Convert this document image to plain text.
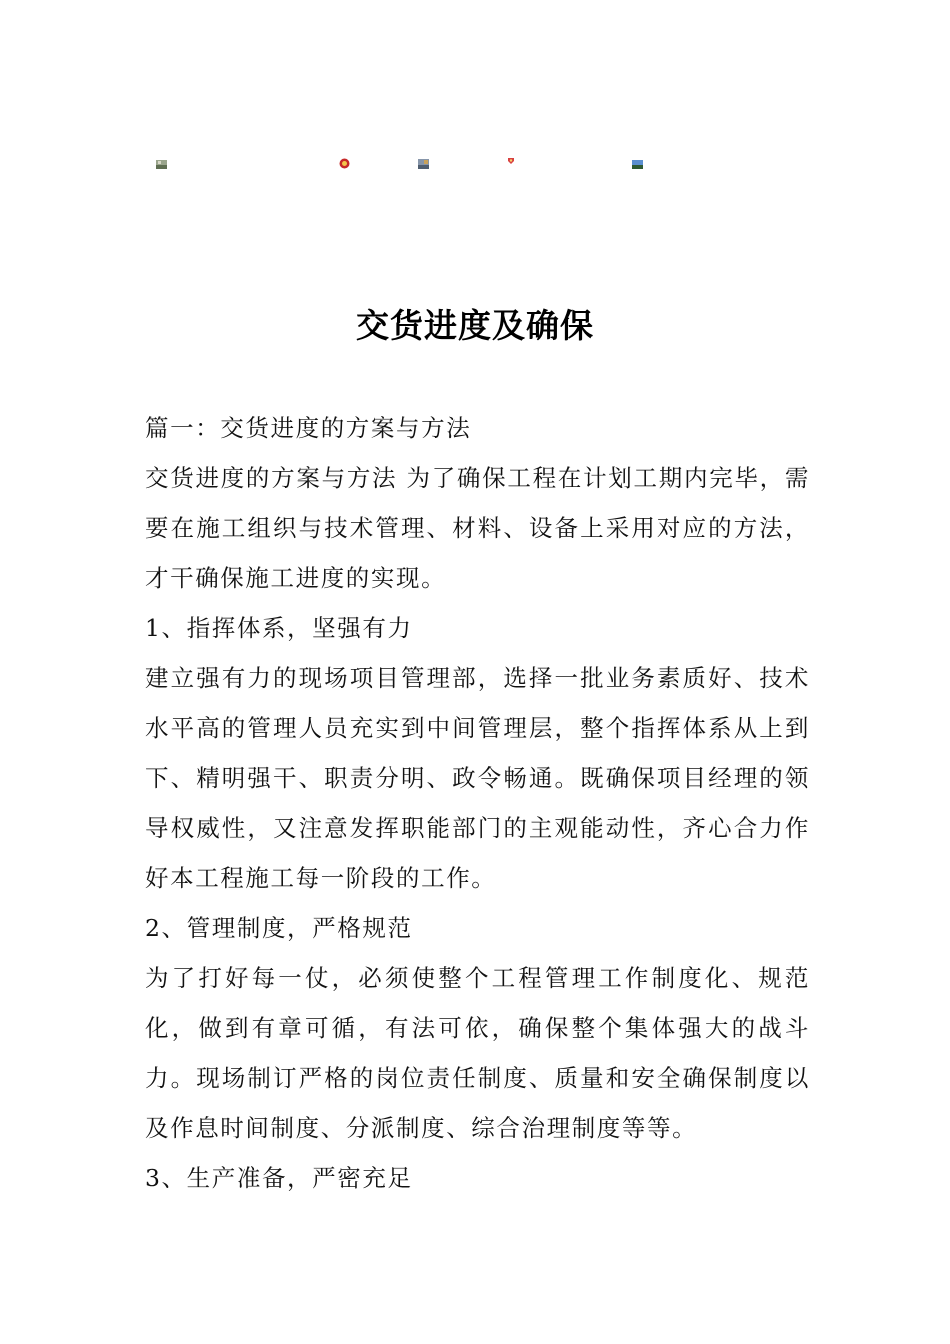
交货进度及确保

篇一：交货进度的方案与方法

交货进度的方案与方法 为了确保工程在计划工期内完毕，需要在施工组织与技术管理、材料、设备上采用对应的方法，才干确保施工进度的实现。

1、指挥体系，坚强有力

建立强有力的现场项目管理部，选择一批业务素质好、技术水平高的管理人员充实到中间管理层，整个指挥体系从上到下、精明强干、职责分明、政令畅通。既确保项目经理的领导权威性，又注意发挥职能部门的主观能动性，齐心合力作好本工程施工每一阶段的工作。

2、管理制度，严格规范

为了打好每一仗，必须使整个工程管理工作制度化、规范化，做到有章可循，有法可依，确保整个集体强大的战斗力。现场制订严格的岗位责任制度、质量和安全确保制度以及作息时间制度、分派制度、综合治理制度等等。

3、生产准备，严密充足
